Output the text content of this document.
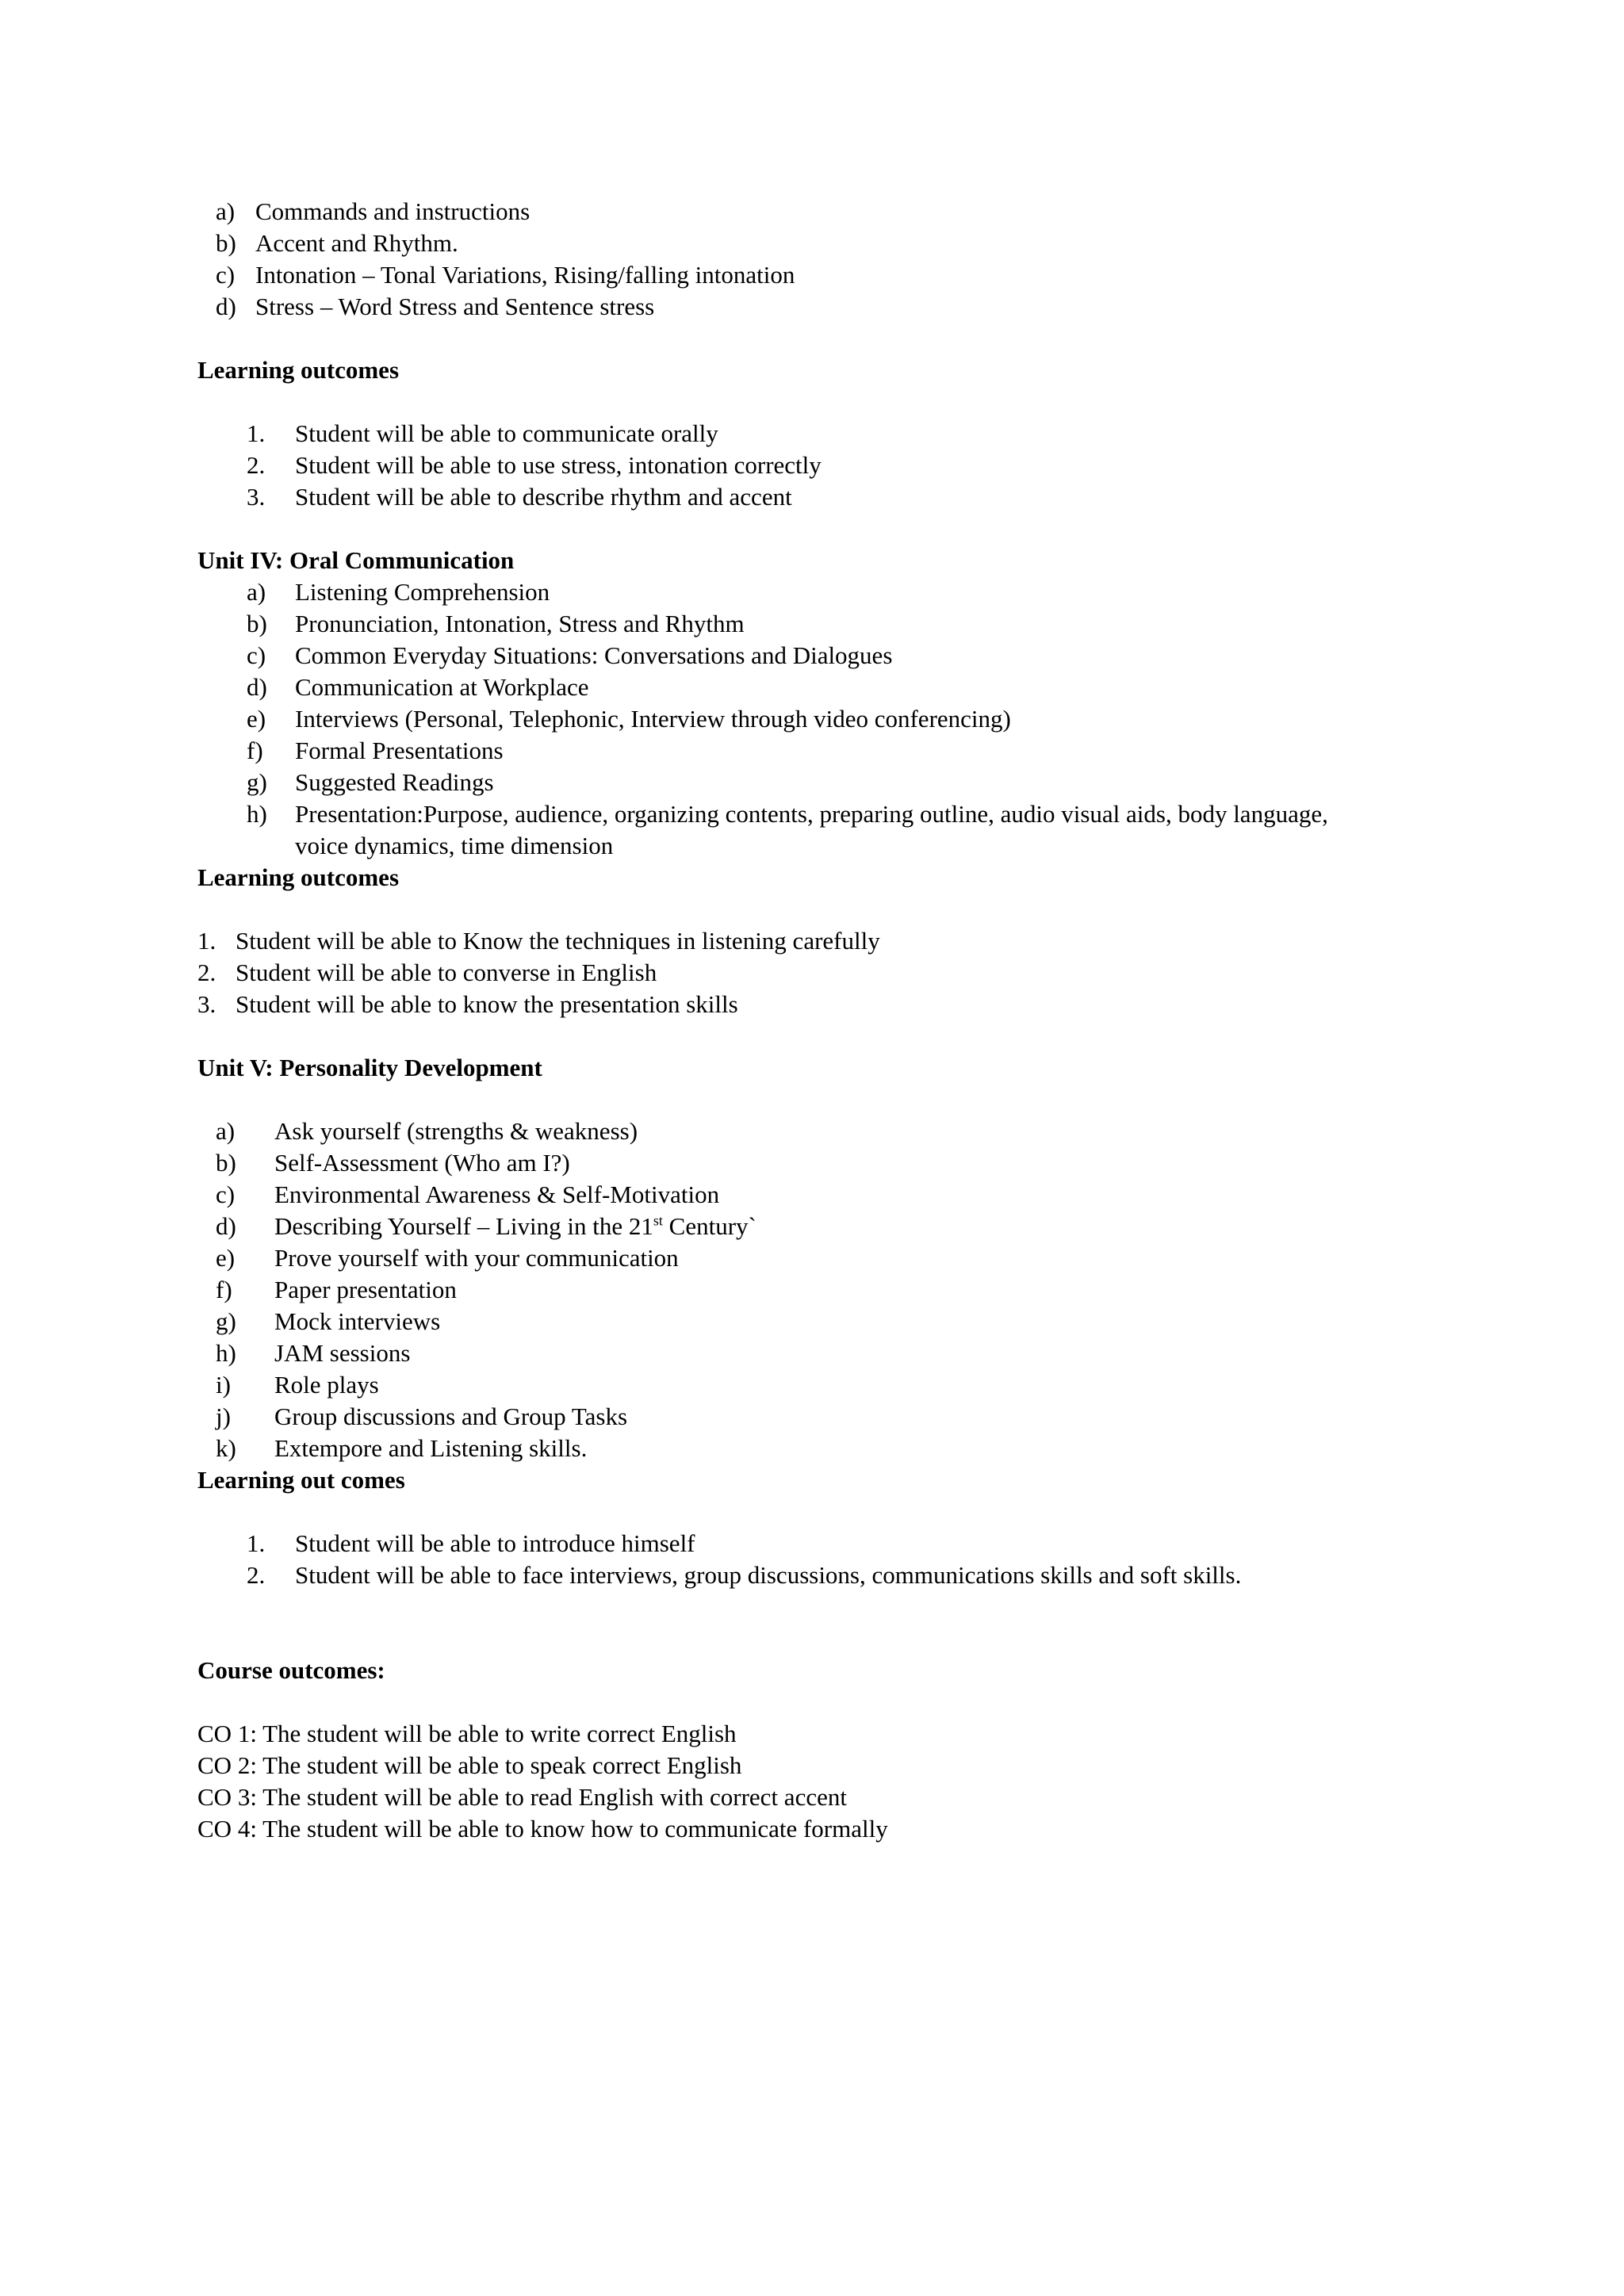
a) Commands and instructions
b) Accent and Rhythm.
c) Intonation – Tonal Variations, Rising/falling intonation
d) Stress – Word Stress and Sentence stress
Learning outcomes
1. Student will be able to communicate orally
2. Student will be able to use stress, intonation correctly
3. Student will be able to describe rhythm and accent
Unit IV: Oral Communication
a) Listening Comprehension
b) Pronunciation, Intonation, Stress and Rhythm
c) Common Everyday Situations: Conversations and Dialogues
d) Communication at Workplace
e) Interviews (Personal, Telephonic, Interview through video conferencing)
f) Formal Presentations
g) Suggested Readings
h) Presentation:Purpose, audience, organizing contents, preparing outline, audio visual aids, body language,
voice dynamics, time dimension
Learning outcomes
1. Student will be able to Know the techniques in listening carefully
2. Student will be able to converse in English
3. Student will be able to know the presentation skills
Unit V: Personality Development
a) Ask yourself (strengths & weakness)
b) Self-Assessment (Who am I?)
c) Environmental Awareness & Self-Motivation
d) Describing Yourself – Living in the 21st Century`
e) Prove yourself with your communication
f) Paper presentation
g) Mock interviews
h) JAM sessions
i) Role plays
j) Group discussions and Group Tasks
k) Extempore and Listening skills.
Learning out comes
1. Student will be able to introduce himself
2. Student will be able to face interviews, group discussions, communications skills and soft skills.
Course outcomes:
CO 1: The student will be able to write correct English
CO 2: The student will be able to speak correct English
CO 3: The student will be able to read English with correct accent
CO 4: The student will be able to know how to communicate formally
